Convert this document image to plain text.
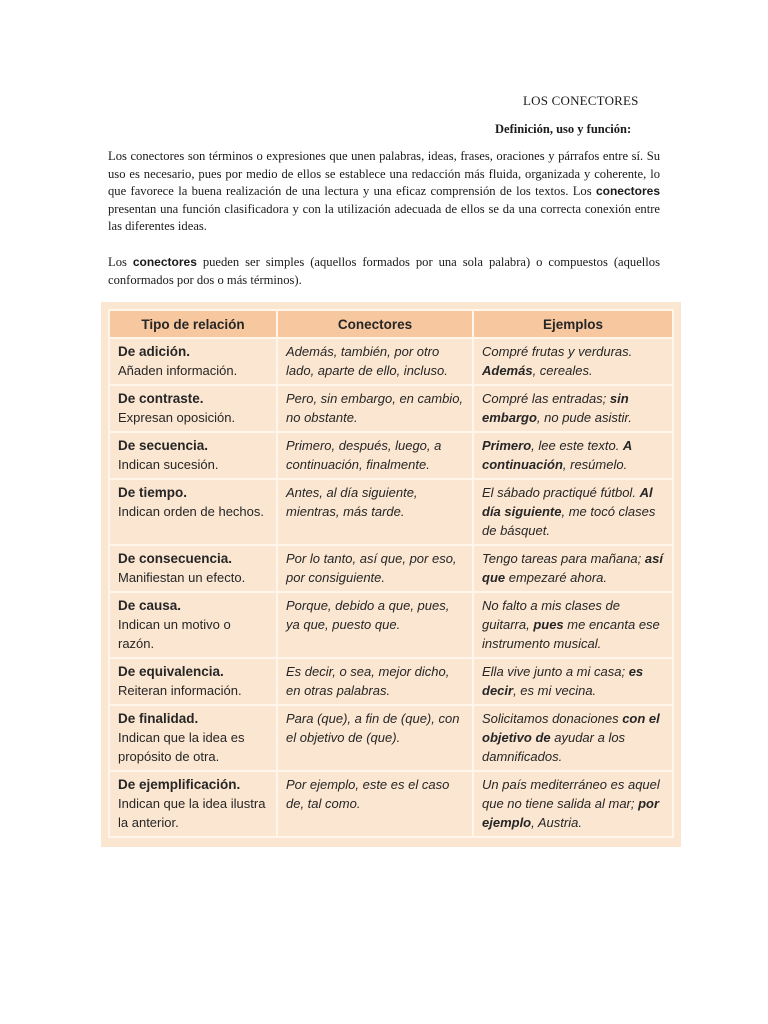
LOS CONECTORES
Definición, uso y función:
Los conectores son términos o expresiones que unen palabras, ideas, frases, oraciones y párrafos entre sí. Su uso es necesario, pues por medio de ellos se establece una redacción más fluida, organizada y coherente, lo que favorece la buena realización de una lectura y una eficaz comprensión de los textos. Los conectores presentan una función clasificadora y con la utilización adecuada de ellos se da una correcta conexión entre las diferentes ideas.
Los conectores pueden ser simples (aquellos formados por una sola palabra) o compuestos (aquellos conformados por dos o más términos).
Tipo de relación	Conectores	Ejemplos

De adición.
Añaden información.	Además, también, por otro lado, aparte de ello, incluso.	Compré frutas y verduras. Además, cereales.

De contraste.
Expresan oposición.	Pero, sin embargo, en cambio, no obstante.	Compré las entradas; sin embargo, no pude asistir.

De secuencia.
Indican sucesión.	Primero, después, luego, a continuación, finalmente.	Primero, lee este texto. A continuación, resúmelo.

De tiempo.
Indican orden de hechos.	Antes, al día siguiente, mientras, más tarde.	El sábado practiqué fútbol. Al día siguiente, me tocó clases de básquet.

De consecuencia.
Manifiestan un efecto.	Por lo tanto, así que, por eso, por consiguiente.	Tengo tareas para mañana; así que empezaré ahora.

De causa.
Indican un motivo o razón.	Porque, debido a que, pues, ya que, puesto que.	No falto a mis clases de guitarra, pues me encanta ese instrumento musical.

De equivalencia.
Reiteran información.	Es decir, o sea, mejor dicho, en otras palabras.	Ella vive junto a mi casa; es decir, es mi vecina.

De finalidad.
Indican que la idea es propósito de otra.	Para (que), a fin de (que), con el objetivo de (que).	Solicitamos donaciones con el objetivo de ayudar a los damnificados.

De ejemplificación.
Indican que la idea ilustra la anterior.	Por ejemplo, este es el caso de, tal como.	Un país mediterráneo es aquel que no tiene salida al mar; por ejemplo, Austria.
